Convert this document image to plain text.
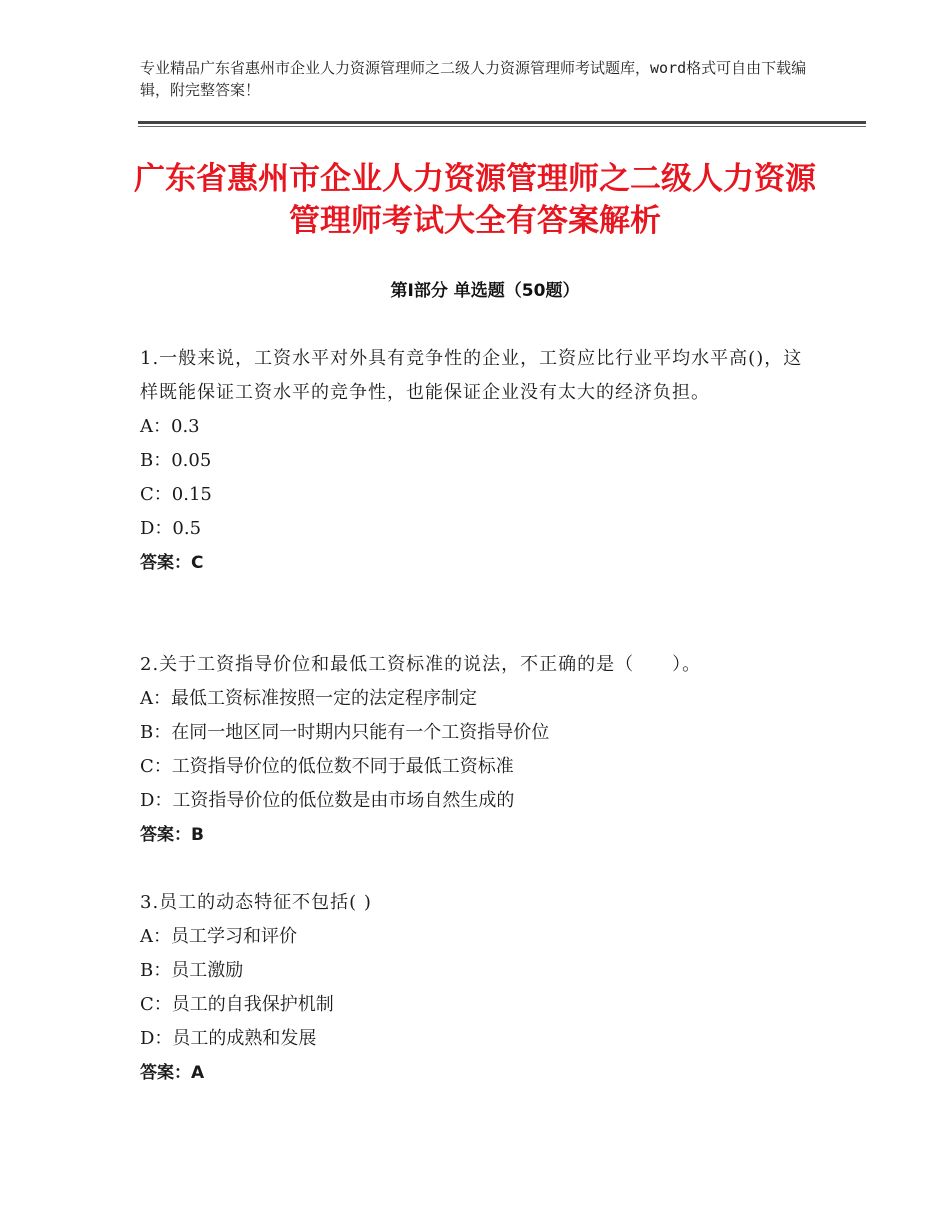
专业精品广东省惠州市企业人力资源管理师之二级人力资源管理师考试题库，word格式可自由下载编辑，附完整答案！
广东省惠州市企业人力资源管理师之二级人力资源管理师考试大全有答案解析
第Ⅰ部分 单选题（50题）

1.一般来说，工资水平对外具有竞争性的企业，工资应比行业平均水平高()，这样既能保证工资水平的竞争性，也能保证企业没有太大的经济负担。

A：0.3

B：0.05

C：0.15

D：0.5

答案：C

2.关于工资指导价位和最低工资标准的说法，不正确的是（　　）。

A：最低工资标准按照一定的法定程序制定

B：在同一地区同一时期内只能有一个工资指导价位

C：工资指导价位的低位数不同于最低工资标准

D：工资指导价位的低位数是由市场自然生成的

答案：B

3.员工的动态特征不包括( )

A：员工学习和评价

B：员工激励

C：员工的自我保护机制

D：员工的成熟和发展

答案：A
